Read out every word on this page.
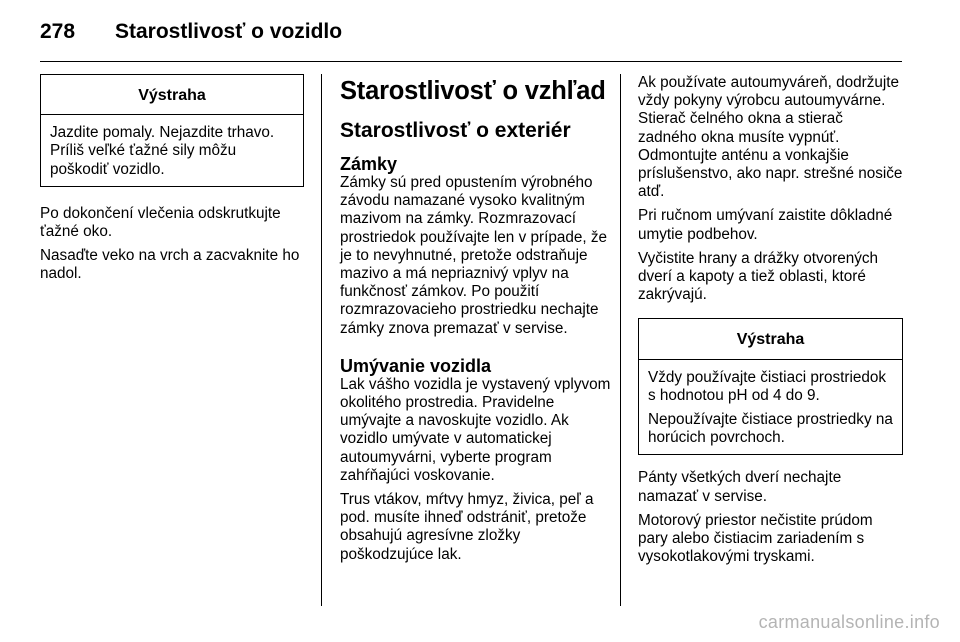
278 Starostlivosť o vozidlo
Výstraha

Jazdite pomaly. Nejazdite trhavo. Príliš veľké ťažné sily môžu poškodiť vozidlo.

Po dokončení vlečenia odskrutkujte ťažné oko.

Nasaďte veko na vrch a zacvaknite ho nadol.

Starostlivosť o vzhľad
Starostlivosť o exteriér
Zámky

Zámky sú pred opustením výrobného závodu namazané vysoko kvalitným mazivom na zámky. Rozmrazovací prostriedok používajte len v prípade, že je to nevyhnutné, pretože odstraňuje mazivo a má nepriaznivý vplyv na funkčnosť zámkov. Po použití rozmrazovacieho prostriedku nechajte zámky znova premazať v servise.

Umývanie vozidla

Lak vášho vozidla je vystavený vplyvom okolitého prostredia. Pravidelne umývajte a navoskujte vozidlo. Ak vozidlo umývate v automatickej autoumyvárni, vyberte program zahŕňajúci voskovanie.

Trus vtákov, mŕtvy hmyz, živica, peľ a pod. musíte ihneď odstrániť, pretože obsahujú agresívne zložky poškodzujúce lak.

Ak používate autoumyváreň, dodržujte vždy pokyny výrobcu autoumyvárne. Stierač čelného okna a stierač zadného okna musíte vypnúť. Odmontujte anténu a vonkajšie príslušenstvo, ako napr. strešné nosiče atď.

Pri ručnom umývaní zaistite dôkladné umytie podbehov.

Vyčistite hrany a drážky otvorených dverí a kapoty a tiež oblasti, ktoré zakrývajú.

Výstraha

Vždy používajte čistiaci prostriedok s hodnotou pH od 4 do 9.

Nepoužívajte čistiace prostriedky na horúcich povrchoch.

Pánty všetkých dverí nechajte namazať v servise.

Motorový priestor nečistite prúdom pary alebo čistiacim zariadením s vysokotlakovými tryskami.

carmanualsonline.info
